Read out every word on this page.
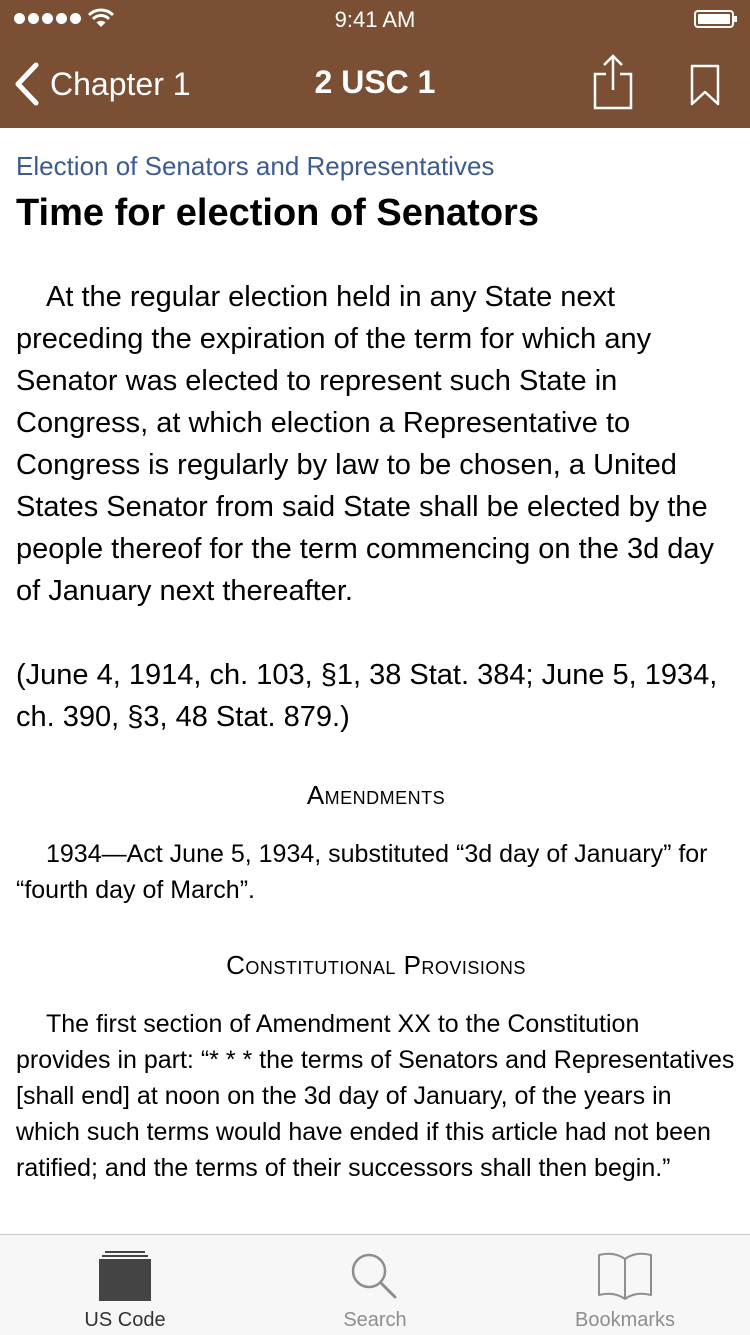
9:41 AM
Chapter 1	2 USC 1
Election of Senators and Representatives
Time for election of Senators
At the regular election held in any State next preceding the expiration of the term for which any Senator was elected to represent such State in Congress, at which election a Representative to Congress is regularly by law to be chosen, a United States Senator from said State shall be elected by the people thereof for the term commencing on the 3d day of January next thereafter.
(June 4, 1914, ch. 103, §1, 38 Stat. 384; June 5, 1934, ch. 390, §3, 48 Stat. 879.)
Amendments
1934—Act June 5, 1934, substituted “3d day of January” for “fourth day of March”.
Constitutional Provisions
The first section of Amendment XX to the Constitution provides in part: “* * * the terms of Senators and Representatives [shall end] at noon on the 3d day of January, of the years in which such terms would have ended if this article had not been ratified; and the terms of their successors shall then begin.”
US Code	Search	Bookmarks
